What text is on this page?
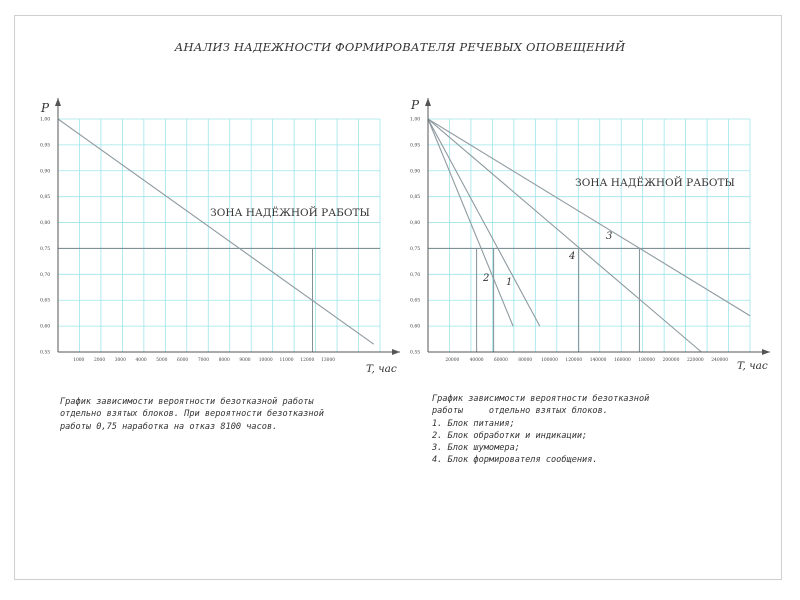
АНАЛИЗ НАДЕЖНОСТИ ФОРМИРОВАТЕЛЯ РЕЧЕВЫХ ОПОВЕЩЕНИЙ
1,00
0,95
0,90
0,85
0,80
0,75
0,70
0,65
0,60
0,55
1000 2000 3000 4000 5000 6000 7000 8000 9000 10000 11000 12000 13000
P
T, час
ЗОНА НАДЁЖНОЙ РАБОТЫ
1,00
0,95
0,90
0,85
0,80
0,75
0,70
0,65
0,60
0,55
20000 40000 60000 80000 100000 120000 140000 160000 180000 200000 220000 240000
P
T, час
ЗОНА НАДЁЖНОЙ РАБОТЫ
1
2
3
4
График зависимости вероятности безотказной работы
отдельно взятых блоков. При вероятности безотказной
работы 0,75 наработка на отказ 8100 часов.
График зависимости вероятности безотказной
работы     отдельно взятых блоков.
1. Блок питания;
2. Блок обработки и индикации;
3. Блок шумомера;
4. Блок формирователя сообщения.
